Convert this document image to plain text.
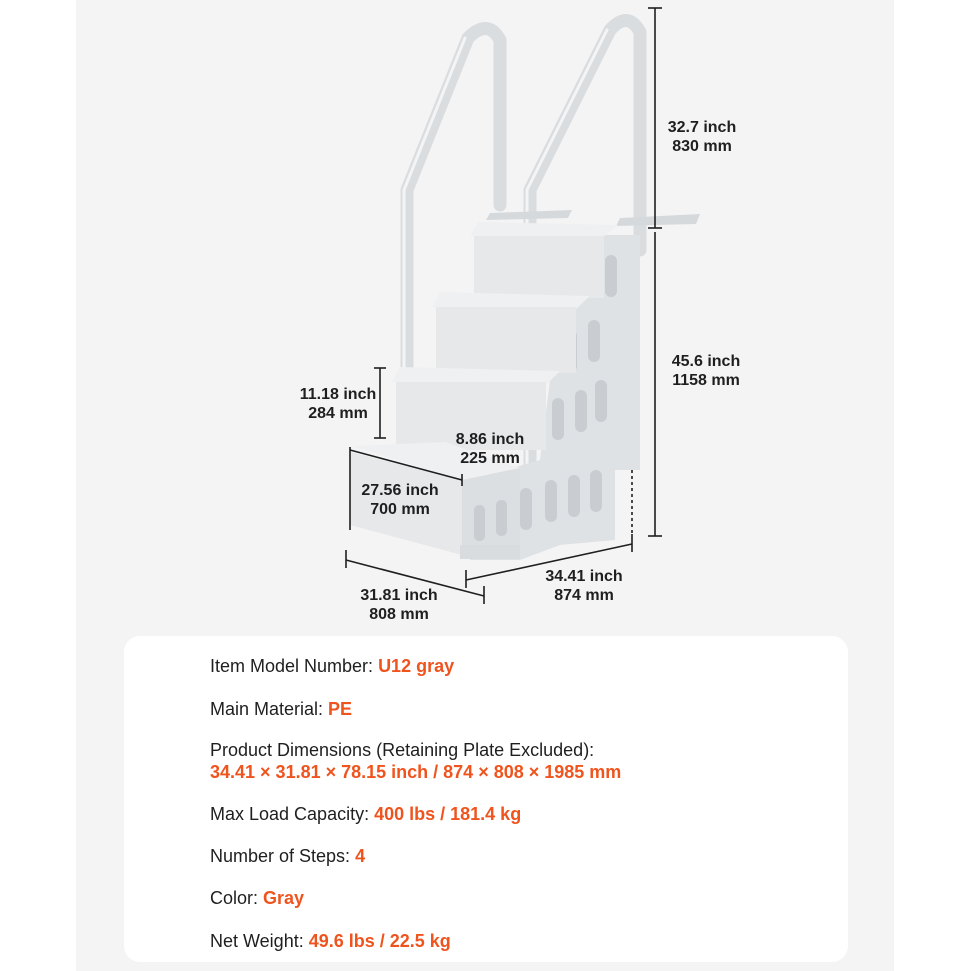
32.7 inch
830 mm
45.6 inch
1158 mm
11.18 inch
284 mm
8.86 inch
225 mm
27.56 inch
700 mm
31.81 inch
808 mm
34.41 inch
874 mm
Item Model Number: U12 gray
Main Material: PE
Product Dimensions (Retaining Plate Excluded):
34.41 × 31.81 × 78.15 inch / 874 × 808 × 1985 mm
Max Load Capacity: 400 lbs / 181.4 kg
Number of Steps: 4
Color: Gray
Net Weight: 49.6 lbs / 22.5 kg
